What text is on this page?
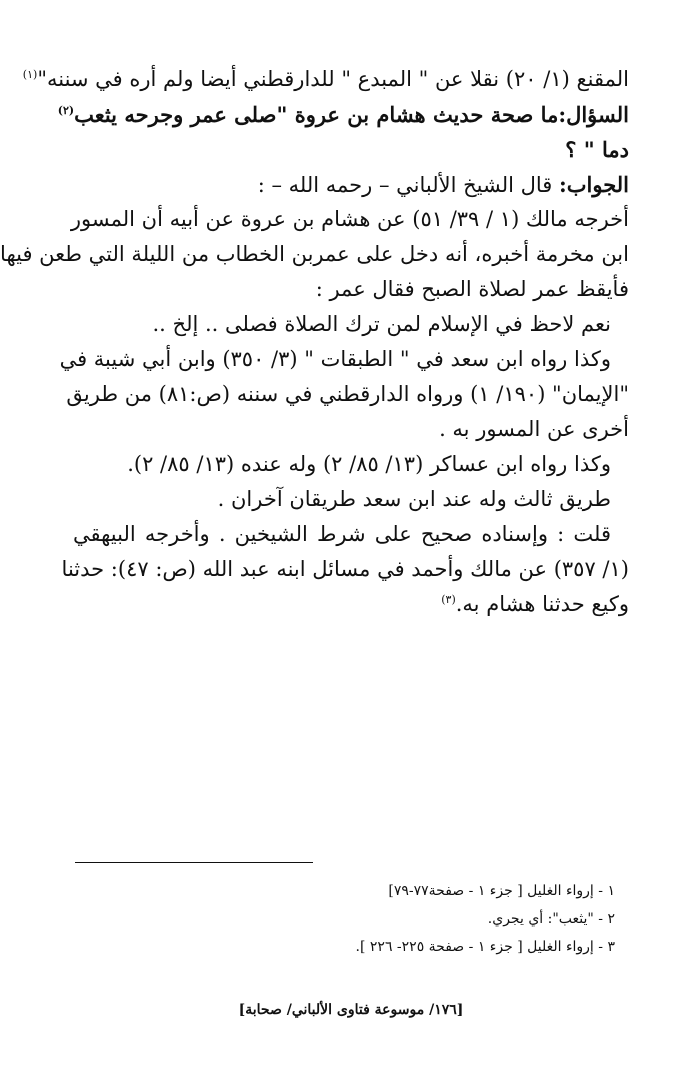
المقنع (١/ ٢٠) نقلا عن " المبدع " للدارقطني أيضا ولم أره في سننه"$^{(١)}$
السؤال:ما صحة حديث هشام بن عروة "صلى عمر وجرحه يثعب$^{(٢)}$
دما " ؟
الجواب: قال الشيخ الألباني – رحمه الله – :
أخرجه مالك (١ / ٣٩/ ٥١) عن هشام بن عروة عن أبيه أن المسور
ابن مخرمة أخبره، أنه دخل على عمربن الخطاب من الليلة التي طعن فيها
فأيقظ عمر لصلاة الصبح فقال عمر :
نعم لاحظ في الإسلام لمن ترك الصلاة فصلى .. إلخ ..
وكذا رواه ابن سعد في " الطبقات " (٣/ ٣٥٠) وابن أبي شيبة في
"الإيمان" (١٩٠/ ١) ورواه الدارقطني في سننه (ص:٨١) من طريق
أخرى عن المسور به .
وكذا رواه ابن عساكر (١٣/ ٨٥/ ٢) وله عنده (١٣/ ٨٥/ ٢).
طريق ثالث وله عند ابن سعد طريقان آخران .
قلت : وإسناده صحيح على شرط الشيخين . وأخرجه البيهقي
(١/ ٣٥٧) عن مالك وأحمد في مسائل ابنه عبد الله (ص: ٤٧): حدثنا
وكيع حدثنا هشام به.$^{(٣)}$
١ - إرواء الغليل [ جزء ١ - صفحة٧٧-٧٩]
٢ - "يثعب": أي يجري.
٣ - إرواء الغليل [ جزء ١ - صفحة ٢٢٥- ٢٢٦ ].
[١٧٦/ موسوعة فتاوى الألباني/ صحابة]
